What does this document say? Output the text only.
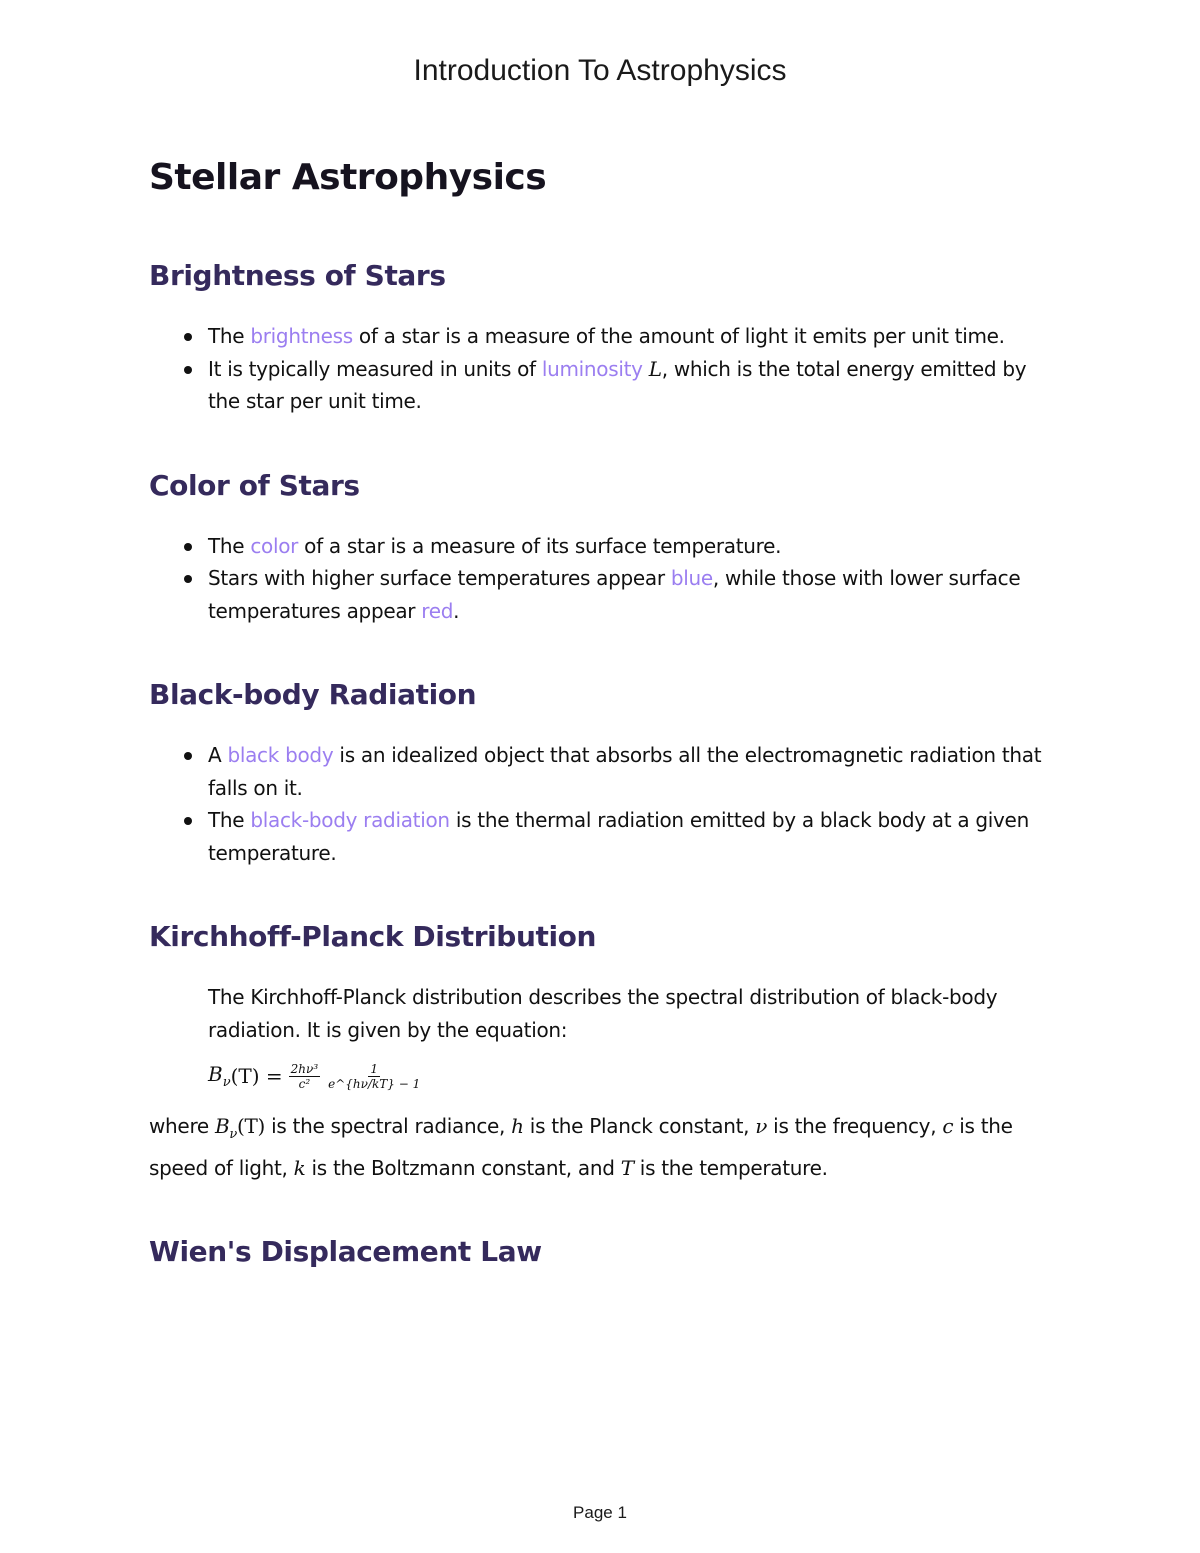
Introduction To Astrophysics
Stellar Astrophysics
Brightness of Stars
The brightness of a star is a measure of the amount of light it emits per unit time.
It is typically measured in units of luminosity L, which is the total energy emitted by the star per unit time.
Color of Stars
The color of a star is a measure of its surface temperature.
Stars with higher surface temperatures appear blue, while those with lower surface temperatures appear red.
Black-body Radiation
A black body is an idealized object that absorbs all the electromagnetic radiation that falls on it.
The black-body radiation is the thermal radiation emitted by a black body at a given temperature.
Kirchhoff-Planck Distribution
The Kirchhoff-Planck distribution describes the spectral distribution of black-body radiation. It is given by the equation:
$B_\nu$ $(T) = \frac{\text{2hν³}}{\text{c²}} \frac{1}{e\^{}\{h\nu/kT\} - 1}$
where $B_\nu(T)$ is the spectral radiance, h is the Planck constant, ν is the frequency, c is the speed of light, k is the Boltzmann constant, and T is the temperature.
Wien's Displacement Law
Page 1
